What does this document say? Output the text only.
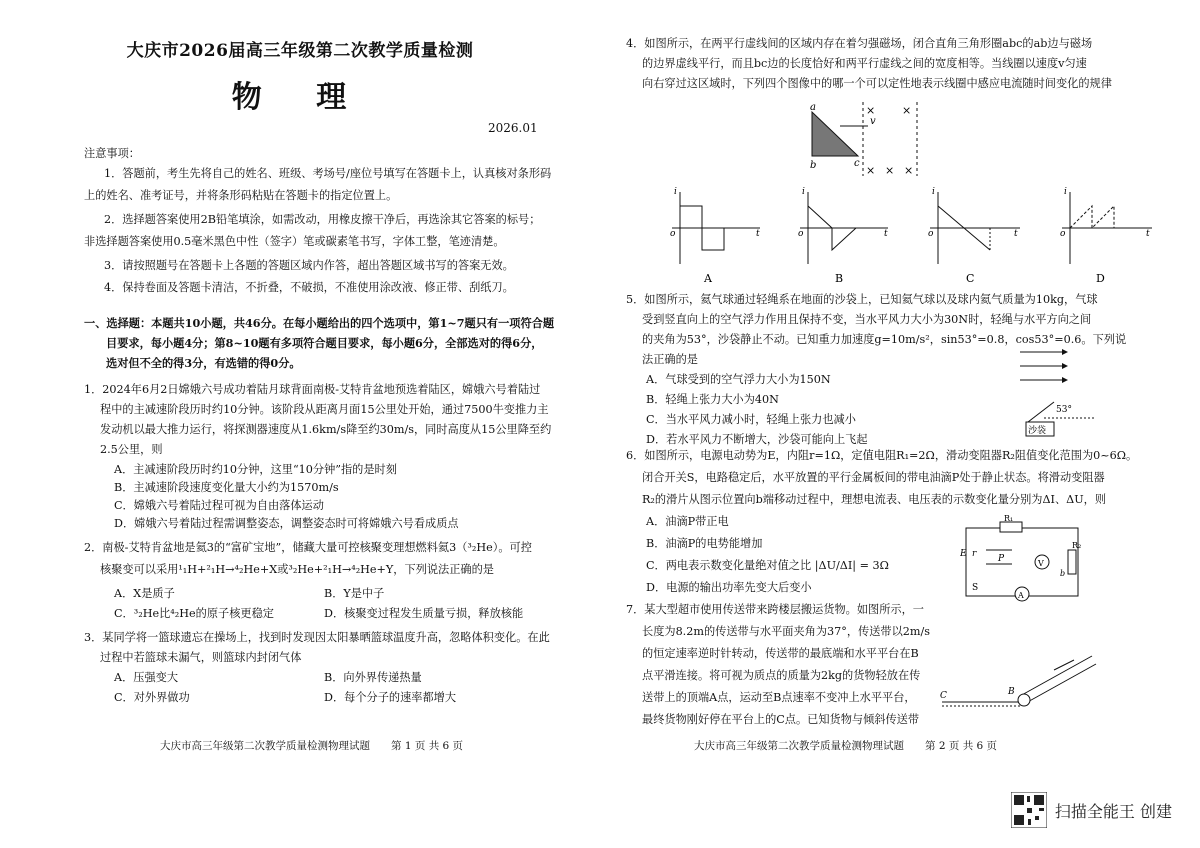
大庆市2026届高三年级第二次教学质量检测
物 理
2026.01
注意事项：
1．答题前，考生先将自己的姓名、班级、考场号/座位号填写在答题卡上，认真核对条形码
上的姓名、准考证号，并将条形码粘贴在答题卡的指定位置上。
2．选择题答案使用2B铅笔填涂，如需改动，用橡皮擦干净后，再选涂其它答案的标号；
非选择题答案使用0.5毫米黑色中性（签字）笔或碳素笔书写，字体工整，笔迹清楚。
3．请按照题号在答题卡上各题的答题区域内作答，超出答题区域书写的答案无效。
4．保持卷面及答题卡清洁，不折叠，不破损，不准使用涂改液、修正带、刮纸刀。
一、选择题：本题共10小题，共46分。在每小题给出的四个选项中，第1~7题只有一项符合题
目要求，每小题4分；第8~10题有多项符合题目要求，每小题6分，全部选对的得6分，
选对但不全的得3分，有选错的得0分。
1．2024年6月2日嫦娥六号成功着陆月球背面南极-艾特肯盆地预选着陆区，嫦娥六号着陆过
程中的主减速阶段历时约10分钟。该阶段从距离月面15公里处开始，通过7500牛变推力主
发动机以最大推力运行，将探测器速度从1.6km/s降至约30m/s，同时高度从15公里降至约
2.5公里，则
A．主减速阶段历时约10分钟，这里“10分钟”指的是时刻
B．主减速阶段速度变化量大小约为1570m/s
C．嫦娥六号着陆过程可视为自由落体运动
D．嫦娥六号着陆过程需调整姿态，调整姿态时可将嫦娥六号看成质点
2．南极-艾特肯盆地是氦3的“富矿宝地”，储藏大量可控核聚变理想燃料氦3（³₂He）。可控
核聚变可以采用¹₁H+²₁H→⁴₂He+X或³₂He+²₁H→⁴₂He+Y，下列说法正确的是
A．X是质子	B．Y是中子
C．³₂He比⁴₂He的原子核更稳定	D．核聚变过程发生质量亏损，释放核能
3．某同学将一篮球遗忘在操场上，找到时发现因太阳暴晒篮球温度升高，忽略体积变化。在此
过程中若篮球未漏气，则篮球内封闭气体
A．压强变大	B．向外界传递热量
C．对外界做功	D．每个分子的速率都增大
大庆市高三年级第二次教学质量检测物理试题　　第 1 页 共 6 页
4．如图所示，在两平行虚线间的区域内存在着匀强磁场，闭合直角三角形圈abc的ab边与磁场
的边界虚线平行，而且bc边的长度恰好和两平行虚线之间的宽度相等。当线圈以速度v匀速
向右穿过这区域时，下列四个图像中的哪一个可以定性地表示线圈中感应电流随时间变化的规律
a
b	c
v
× ×
× × ×
i
o	t
A
i
o	t
B
i
o	t
C
i
o	t
D
5．如图所示，氦气球通过轻绳系在地面的沙袋上，已知氦气球以及球内氦气质量为10kg，气球
受到竖直向上的空气浮力作用且保持不变，当水平风力大小为30N时，轻绳与水平方向之间
的夹角为53°，沙袋静止不动。已知重力加速度g=10m/s²，sin53°=0.8，cos53°=0.6。下列说
法正确的是
A．气球受到的空气浮力大小为150N
B．轻绳上张力大小为40N
C．当水平风力减小时，轻绳上张力也减小
D．若水平风力不断增大，沙袋可能向上飞起
53°
沙袋
6．如图所示，电源电动势为E，内阻r=1Ω，定值电阻R₁=2Ω，滑动变阻器R₂阻值变化范围为0~6Ω。
闭合开关S，电路稳定后，水平放置的平行金属板间的带电油滴P处于静止状态。将滑动变阻器
R₂的滑片从图示位置向b端移动过程中，理想电流表、电压表的示数变化量分别为ΔI、ΔU，则
A．油滴P带正电
B．油滴P的电势能增加
C．两电表示数变化量绝对值之比 |ΔU/ΔI| = 3Ω
D．电源的输出功率先变大后变小
R₁
E r P	V
R₂
b
S
A
7．某大型超市使用传送带来跨楼层搬运货物。如图所示，一
长度为8.2m的传送带与水平面夹角为37°，传送带以2m/s
的恒定速率逆时针转动，传送带的最底端和水平平台在B
点平滑连接。将可视为质点的质量为2kg的货物轻放在传
送带上的顶端A点，运动至B点速率不变冲上水平平台，
最终货物刚好停在平台上的C点。已知货物与倾斜传送带
C	B
大庆市高三年级第二次教学质量检测物理试题　　第 2 页 共 6 页
扫描全能王 创建
